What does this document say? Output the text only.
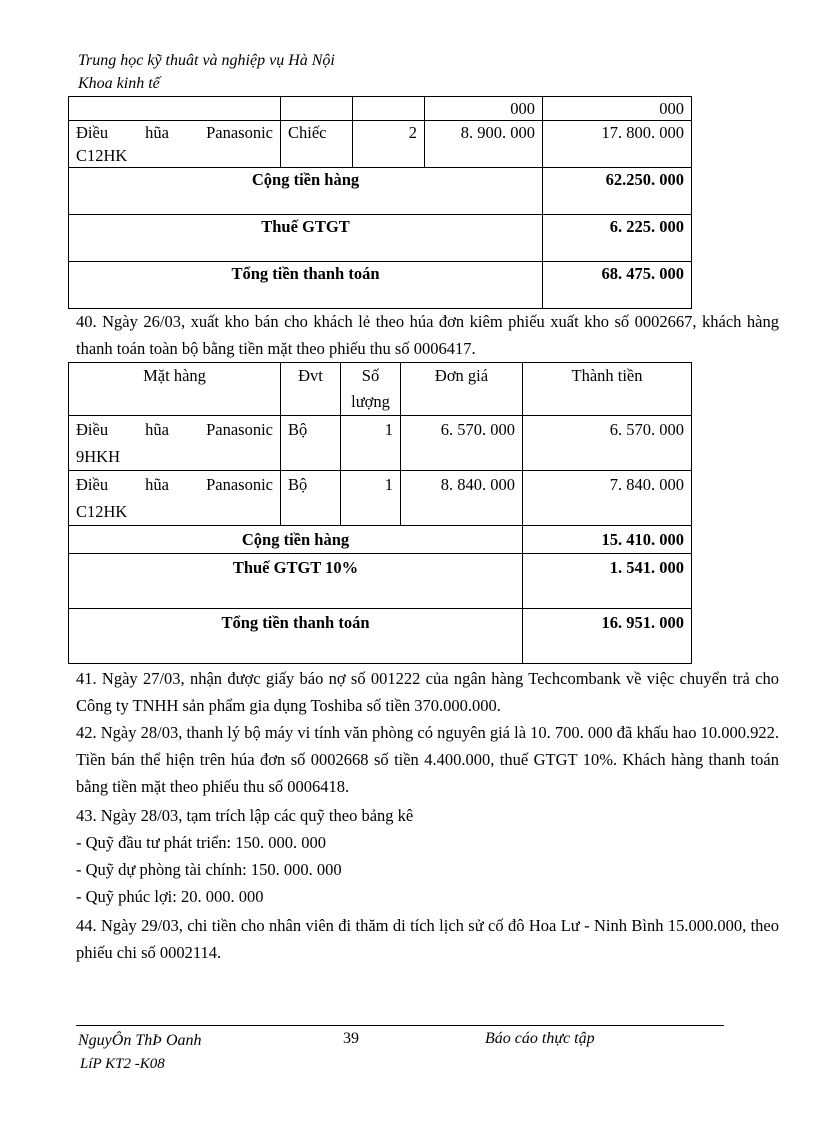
Trung học kỹ thuât và nghiệp vụ Hà Nội
Khoa kinh tế
			000	000

Điều hũa Panasonic
C12HK	Chiếc	2	8. 900. 000	17. 800. 000
Cộng tiền hàng				62.250. 000
Thuế GTGT				6. 225. 000
Tổng tiền thanh toán				68. 475. 000

40. Ngày 26/03, xuất kho bán cho khách lẻ theo húa đơn kiêm phiếu xuất kho số 0002667, khách hàng thanh toán toàn bộ bằng tiền mặt theo phiếu thu số 0006417.

Mặt hàng	Đvt	Số lượng	Đơn giá	Thành tiền

Điều hũa Panasonic
9HKH	Bộ	1	6. 570. 000	6. 570. 000

Điều hũa Panasonic
C12HK	Bộ	1	8. 840. 000	7. 840. 000
Cộng tiền hàng				15. 410. 000
Thuế GTGT 10%				1. 541. 000
Tổng tiền thanh toán				16. 951. 000

41. Ngày 27/03, nhận được giấy báo nợ số 001222 của ngân hàng Techcombank về việc chuyển trả cho Công ty TNHH sản phẩm gia dụng Toshiba số tiền 370.000.000.

42. Ngày 28/03, thanh lý bộ máy vi tính văn phòng có nguyên giá là 10. 700. 000 đã khấu hao 10.000.922. Tiền bán thể hiện trên húa đơn số 0002668 số tiền 4.400.000, thuế GTGT 10%. Khách hàng thanh toán bằng tiền mặt theo phiếu thu số 0006418.

43. Ngày 28/03, tạm trích lập các quỹ theo bảng kê

- Quỹ đầu tư phát triển: 150. 000. 000

- Quỹ dự phòng tài chính: 150. 000. 000

- Quỹ phúc lợi: 20. 000. 000

44. Ngày 29/03, chi tiền cho nhân viên đi thăm di tích lịch sử cố đô Hoa Lư - Ninh Bình 15.000.000, theo phiếu chi số 0002114.

NguyÔn ThÞ Oanh
LíP KT2 -K08
39	Báo cáo thực tập
